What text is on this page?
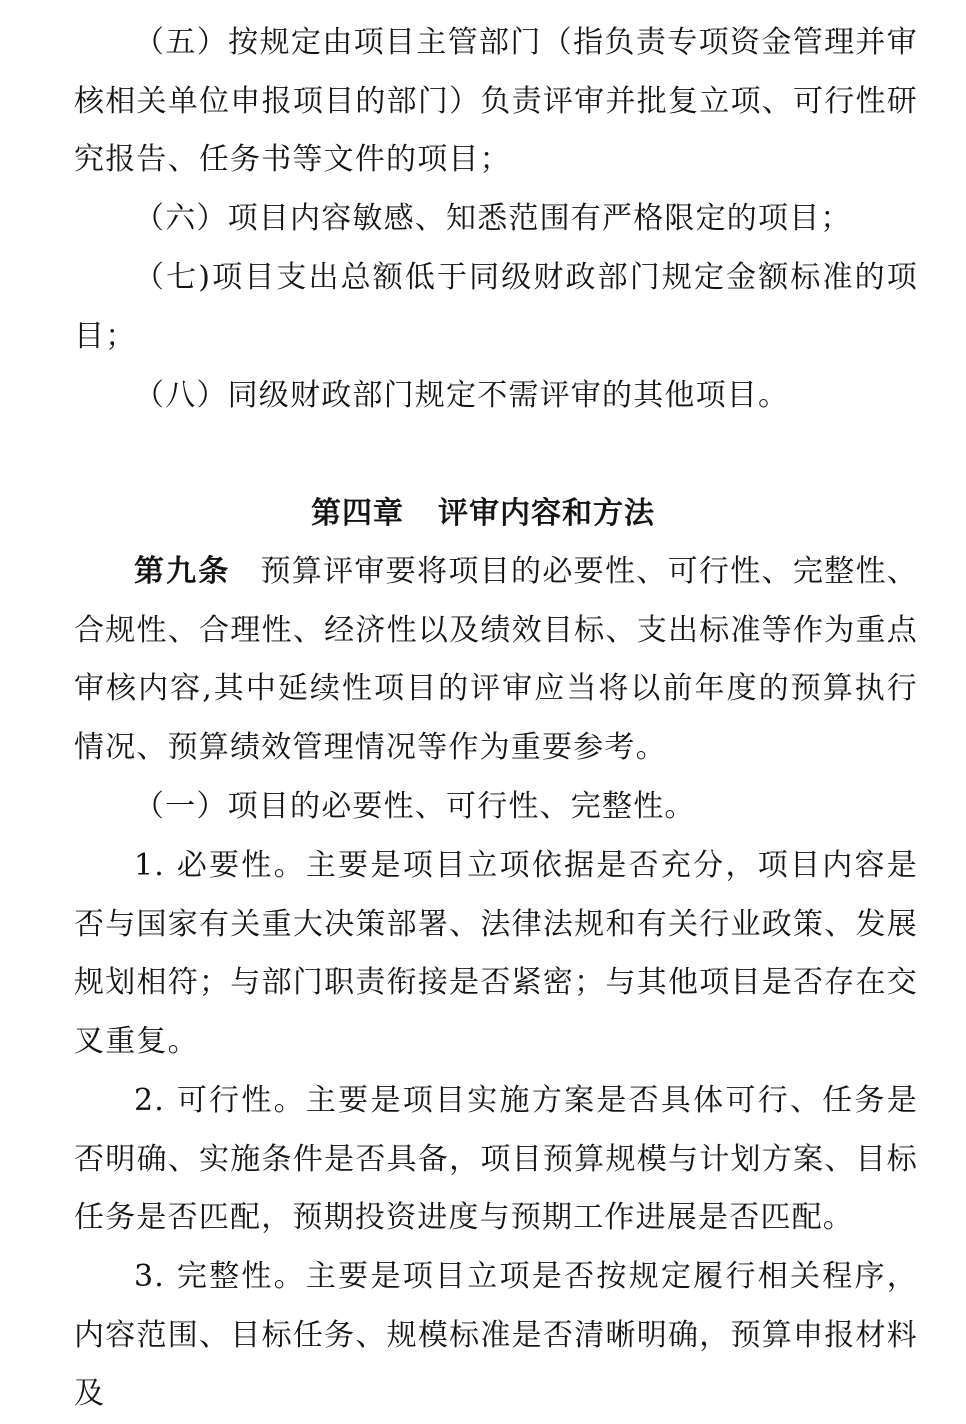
（五）按规定由项目主管部门（指负责专项资金管理并审核相关单位申报项目的部门）负责评审并批复立项、可行性研究报告、任务书等文件的项目；

（六）项目内容敏感、知悉范围有严格限定的项目；

（七)项目支出总额低于同级财政部门规定金额标准的项目；

（八）同级财政部门规定不需评审的其他项目。

第四章 评审内容和方法

第九条 预算评审要将项目的必要性、可行性、完整性、合规性、合理性、经济性以及绩效目标、支出标准等作为重点审核内容,其中延续性项目的评审应当将以前年度的预算执行情况、预算绩效管理情况等作为重要参考。

（一）项目的必要性、可行性、完整性。

1. 必要性。主要是项目立项依据是否充分，项目内容是否与国家有关重大决策部署、法律法规和有关行业政策、发展规划相符；与部门职责衔接是否紧密；与其他项目是否存在交叉重复。

2. 可行性。主要是项目实施方案是否具体可行、任务是否明确、实施条件是否具备，项目预算规模与计划方案、目标任务是否匹配，预期投资进度与预期工作进展是否匹配。

3. 完整性。主要是项目立项是否按规定履行相关程序，内容范围、目标任务、规模标准是否清晰明确，预算申报材料及
